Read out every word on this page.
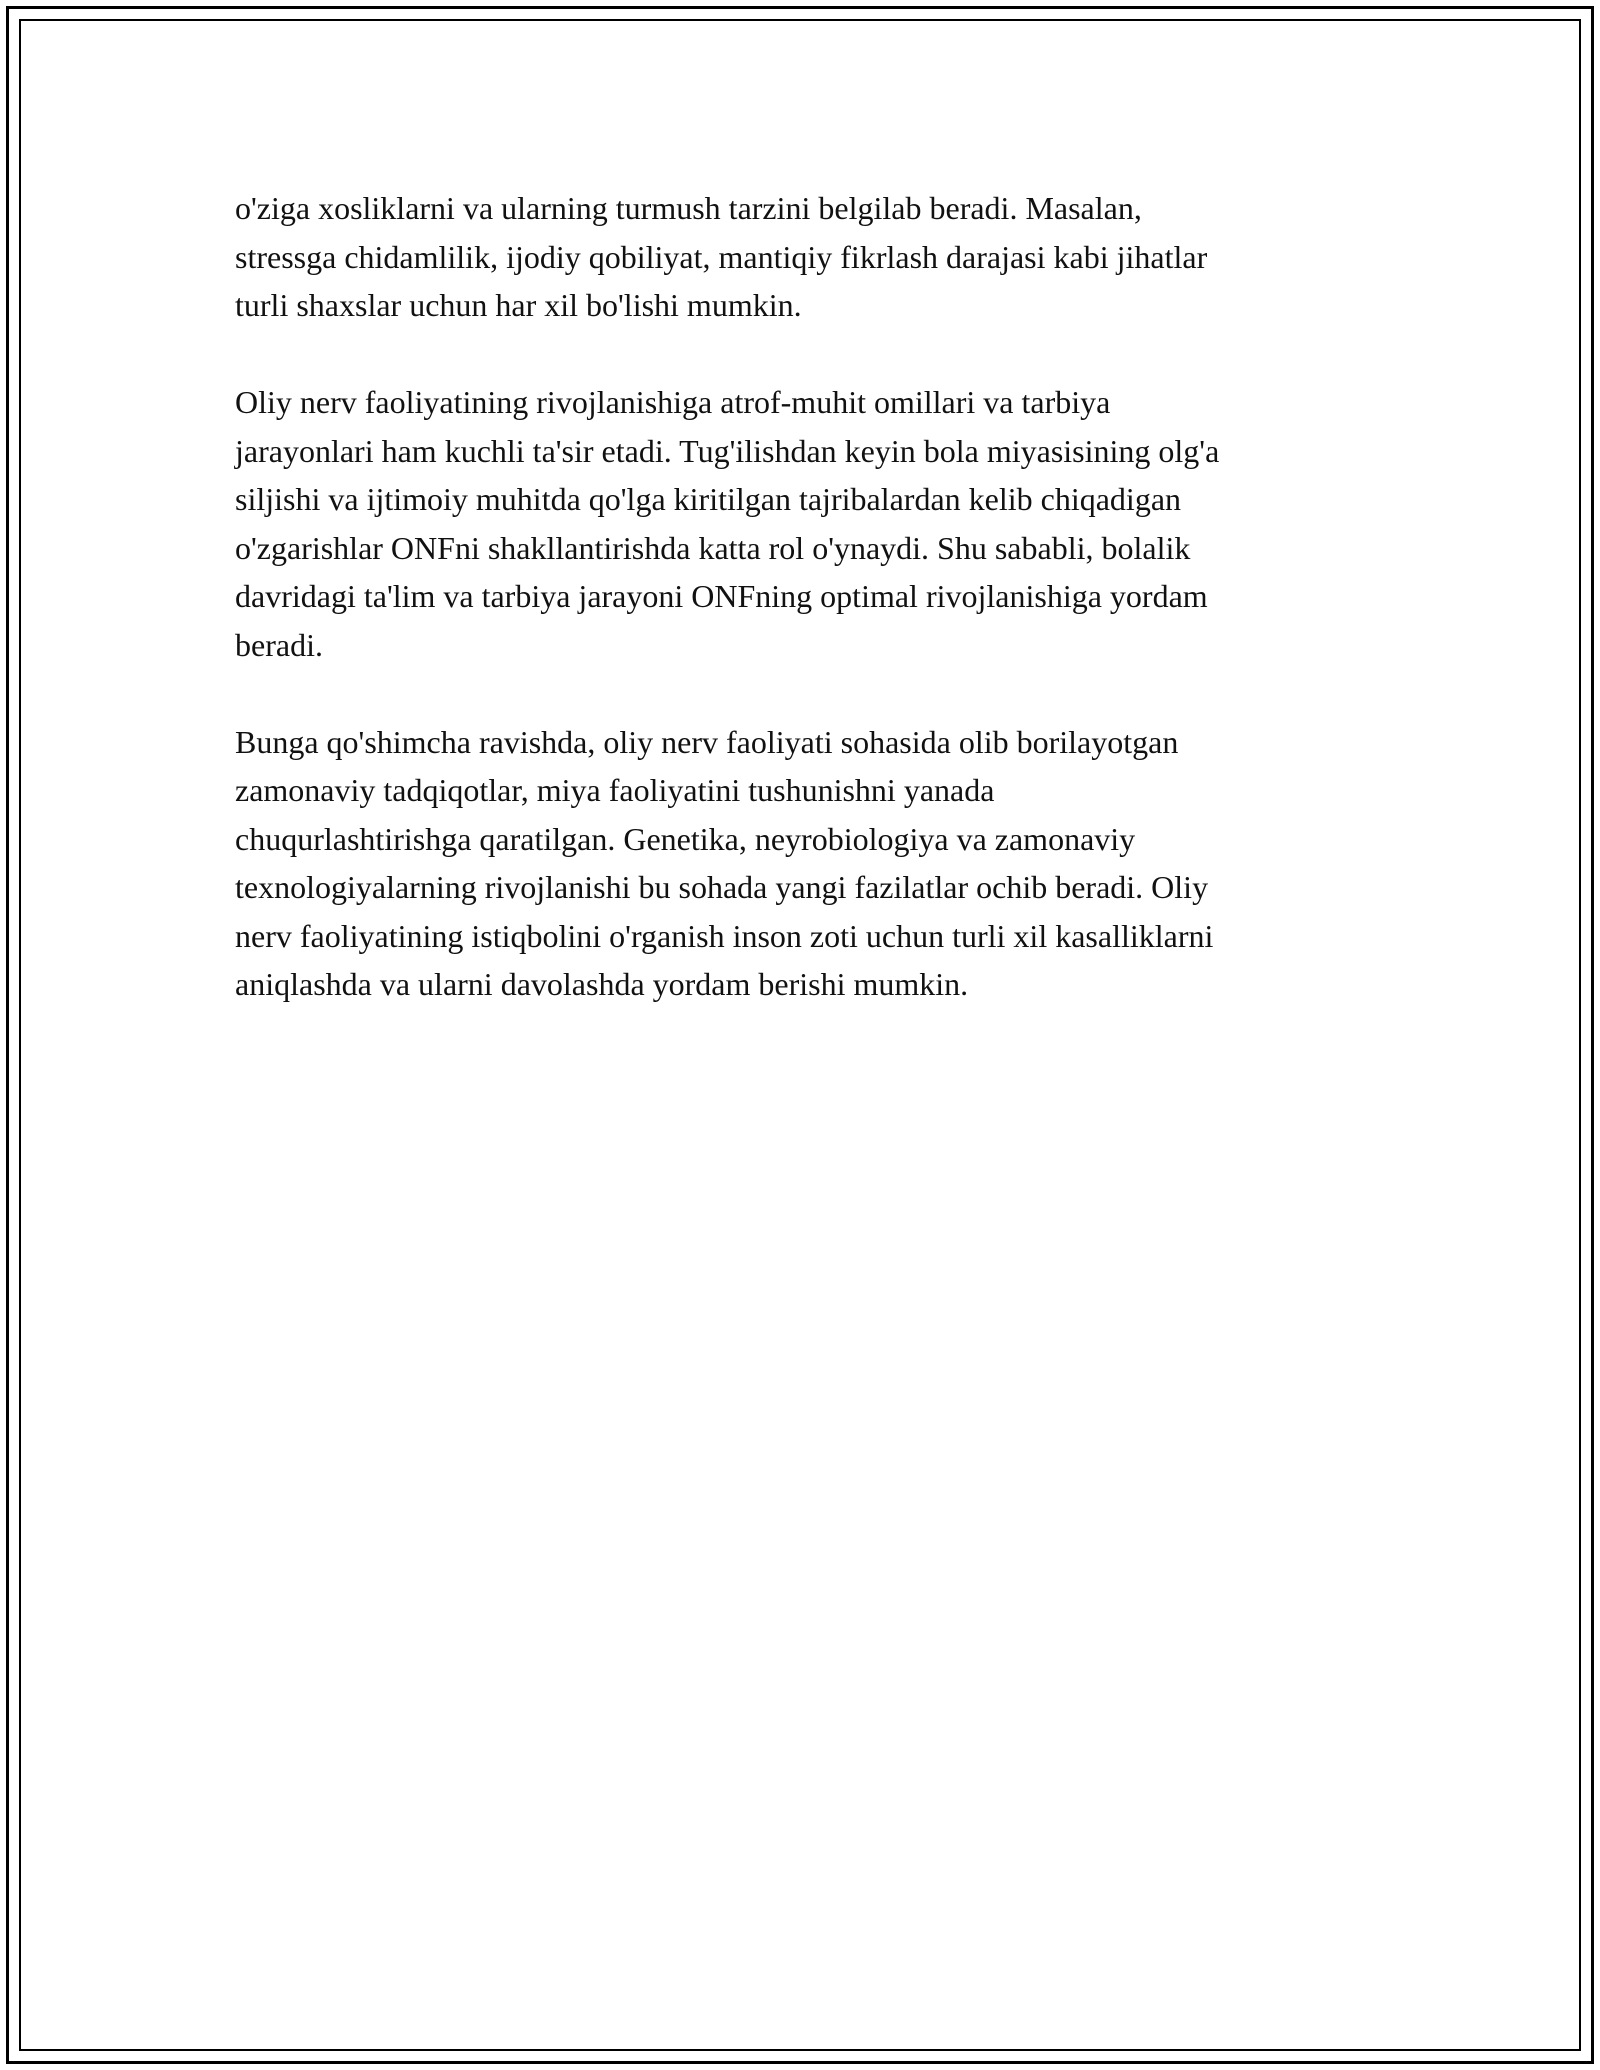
o'ziga xosliklarni va ularning turmush tarzini belgilab beradi. Masalan,
stressga chidamlilik, ijodiy qobiliyat, mantiqiy fikrlash darajasi kabi jihatlar
turli shaxslar uchun har xil bo'lishi mumkin.
Oliy nerv faoliyatining rivojlanishiga atrof-muhit omillari va tarbiya
jarayonlari ham kuchli ta'sir etadi. Tug'ilishdan keyin bola miyasisining olg'a
siljishi va ijtimoiy muhitda qo'lga kiritilgan tajribalardan kelib chiqadigan
o'zgarishlar ONFni shakllantirishda katta rol o'ynaydi. Shu sababli, bolalik
davridagi ta'lim va tarbiya jarayoni ONFning optimal rivojlanishiga yordam
beradi.
Bunga qo'shimcha ravishda, oliy nerv faoliyati sohasida olib borilayotgan
zamonaviy tadqiqotlar, miya faoliyatini tushunishni yanada
chuqurlashtirishga qaratilgan. Genetika, neyrobiologiya va zamonaviy
texnologiyalarning rivojlanishi bu sohada yangi fazilatlar ochib beradi. Oliy
nerv faoliyatining istiqbolini o'rganish inson zoti uchun turli xil kasalliklarni
aniqlashda va ularni davolashda yordam berishi mumkin.
